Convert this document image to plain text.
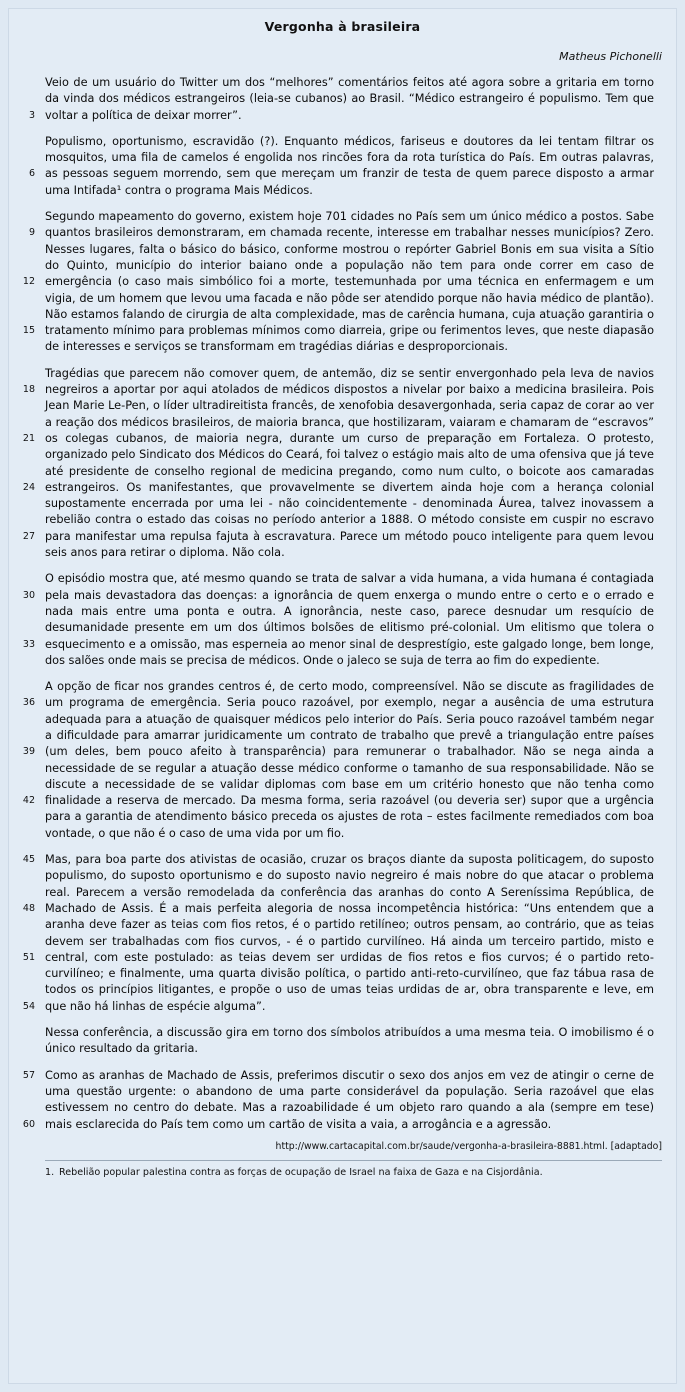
Vergonha à brasileira
Matheus Pichonelli
3
6
9
12
15
18
21
24
27
30
33
36
39
42
45
48
51
54
57
60
Veio de um usuário do Twitter um dos “melhores” comentários feitos até agora sobre a gritaria em torno da vinda dos médicos estrangeiros (leia-se cubanos) ao Brasil. “Médico estrangeiro é populismo. Tem que voltar a política de deixar morrer”.
Populismo, oportunismo, escravidão (?). Enquanto médicos, fariseus e doutores da lei tentam filtrar os mosquitos, uma fila de camelos é engolida nos rincões fora da rota turística do País. Em outras palavras, as pessoas seguem morrendo, sem que mereçam um franzir de testa de quem parece disposto a armar uma Intifada¹ contra o programa Mais Médicos.
Segundo mapeamento do governo, existem hoje 701 cidades no País sem um único médico a postos. Sabe quantos brasileiros demonstraram, em chamada recente, interesse em trabalhar nesses municípios? Zero. Nesses lugares, falta o básico do básico, conforme mostrou o repórter Gabriel Bonis em sua visita a Sítio do Quinto, município do interior baiano onde a população não tem para onde correr em caso de emergência (o caso mais simbólico foi a morte, testemunhada por uma técnica en enfermagem e um vigia, de um homem que levou uma facada e não pôde ser atendido porque não havia médico de plantão). Não estamos falando de cirurgia de alta complexidade, mas de carência humana, cuja atuação garantiria o tratamento mínimo para problemas mínimos como diarreia, gripe ou ferimentos leves, que neste diapasão de interesses e serviços se transformam em tragédias diárias e desproporcionais.
Tragédias que parecem não comover quem, de antemão, diz se sentir envergonhado pela leva de navios negreiros a aportar por aqui atolados de médicos dispostos a nivelar por baixo a medicina brasileira. Pois Jean Marie Le-Pen, o líder ultradireitista francês, de xenofobia desavergonhada, seria capaz de corar ao ver a reação dos médicos brasileiros, de maioria branca, que hostilizaram, vaiaram e chamaram de “escravos” os colegas cubanos, de maioria negra, durante um curso de preparação em Fortaleza. O protesto, organizado pelo Sindicato dos Médicos do Ceará, foi talvez o estágio mais alto de uma ofensiva que já teve até presidente de conselho regional de medicina pregando, como num culto, o boicote aos camaradas estrangeiros. Os manifestantes, que provavelmente se divertem ainda hoje com a herança colonial supostamente encerrada por uma lei - não coincidentemente - denominada Áurea, talvez inovassem a rebelião contra o estado das coisas no período anterior a 1888. O método consiste em cuspir no escravo para manifestar uma repulsa fajuta à escravatura. Parece um método pouco inteligente para quem levou seis anos para retirar o diploma. Não cola.
O episódio mostra que, até mesmo quando se trata de salvar a vida humana, a vida humana é contagiada pela mais devastadora das doenças: a ignorância de quem enxerga o mundo entre o certo e o errado e nada mais entre uma ponta e outra. A ignorância, neste caso, parece desnudar um resquício de desumanidade presente em um dos últimos bolsões de elitismo pré-colonial. Um elitismo que tolera o esquecimento e a omissão, mas esperneia ao menor sinal de desprestígio, este galgado longe, bem longe, dos salões onde mais se precisa de médicos. Onde o jaleco se suja de terra ao fim do expediente.
A opção de ficar nos grandes centros é, de certo modo, compreensível. Não se discute as fragilidades de um programa de emergência. Seria pouco razoável, por exemplo, negar a ausência de uma estrutura adequada para a atuação de quaisquer médicos pelo interior do País. Seria pouco razoável também negar a dificuldade para amarrar juridicamente um contrato de trabalho que prevê a triangulação entre países (um deles, bem pouco afeito à transparência) para remunerar o trabalhador. Não se nega ainda a necessidade de se regular a atuação desse médico conforme o tamanho de sua responsabilidade. Não se discute a necessidade de se validar diplomas com base em um critério honesto que não tenha como finalidade a reserva de mercado. Da mesma forma, seria razoável (ou deveria ser) supor que a urgência para a garantia de atendimento básico preceda os ajustes de rota – estes facilmente remediados com boa vontade, o que não é o caso de uma vida por um fio.
Mas, para boa parte dos ativistas de ocasião, cruzar os braços diante da suposta politicagem, do suposto populismo, do suposto oportunismo e do suposto navio negreiro é mais nobre do que atacar o problema real. Parecem a versão remodelada da conferência das aranhas do conto A Sereníssima República, de Machado de Assis. É a mais perfeita alegoria de nossa incompetência histórica: “Uns entendem que a aranha deve fazer as teias com fios retos, é o partido retilíneo; outros pensam, ao contrário, que as teias devem ser trabalhadas com fios curvos, - é o partido curvilíneo. Há ainda um terceiro partido, misto e central, com este postulado: as teias devem ser urdidas de fios retos e fios curvos; é o partido reto-curvilíneo; e finalmente, uma quarta divisão política, o partido anti-reto-curvilíneo, que faz tábua rasa de todos os princípios litigantes, e propõe o uso de umas teias urdidas de ar, obra transparente e leve, em que não há linhas de espécie alguma”.
Nessa conferência, a discussão gira em torno dos símbolos atribuídos a uma mesma teia. O imobilismo é o único resultado da gritaria.
Como as aranhas de Machado de Assis, preferimos discutir o sexo dos anjos em vez de atingir o cerne de uma questão urgente: o abandono de uma parte considerável da população. Seria razoável que elas estivessem no centro do debate. Mas a razoabilidade é um objeto raro quando a ala (sempre em tese) mais esclarecida do País tem como um cartão de visita a vaia, a arrogância e a agressão.
http://www.cartacapital.com.br/saude/vergonha-a-brasileira-8881.html. [adaptado]
1. Rebelião popular palestina contra as forças de ocupação de Israel na faixa de Gaza e na Cisjordânia.
